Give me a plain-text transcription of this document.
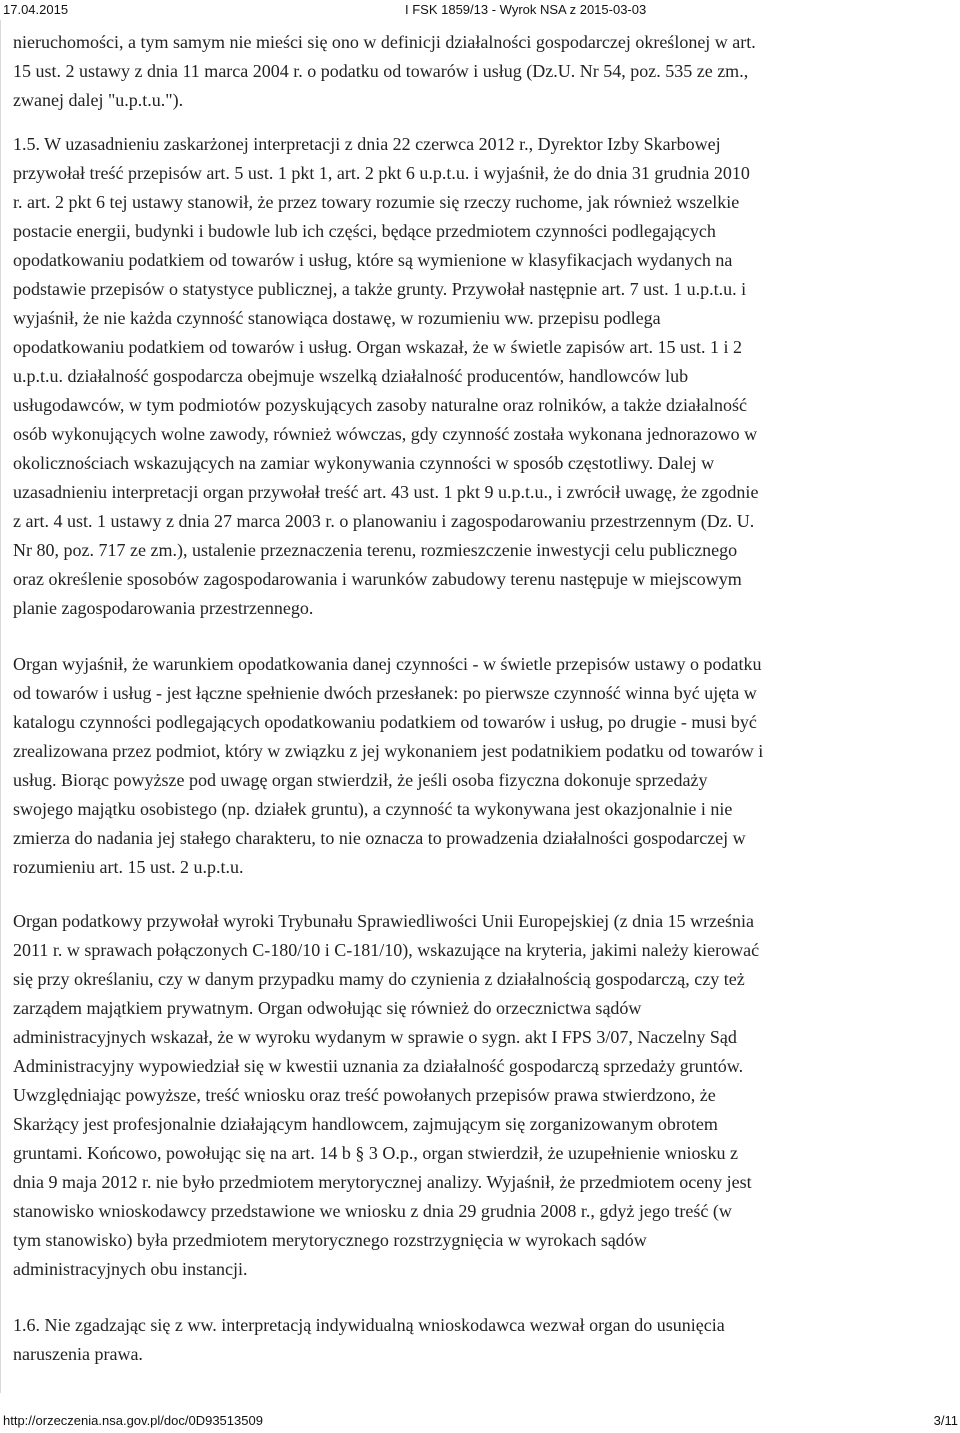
17.04.2015	I FSK 1859/13 - Wyrok NSA z 2015-03-03
nieruchomości, a tym samym nie mieści się ono w definicji działalności gospodarczej określonej w art.
15 ust. 2 ustawy z dnia 11 marca 2004 r. o podatku od towarów i usług (Dz.U. Nr 54, poz. 535 ze zm.,
zwanej dalej "u.p.t.u.").
1.5. W uzasadnieniu zaskarżonej interpretacji z dnia 22 czerwca 2012 r., Dyrektor Izby Skarbowej
przywołał treść przepisów art. 5 ust. 1 pkt 1, art. 2 pkt 6 u.p.t.u. i wyjaśnił, że do dnia 31 grudnia 2010
r. art. 2 pkt 6 tej ustawy stanowił, że przez towary rozumie się rzeczy ruchome, jak również wszelkie
postacie energii, budynki i budowle lub ich części, będące przedmiotem czynności podlegających
opodatkowaniu podatkiem od towarów i usług, które są wymienione w klasyfikacjach wydanych na
podstawie przepisów o statystyce publicznej, a także grunty. Przywołał następnie art. 7 ust. 1 u.p.t.u. i
wyjaśnił, że nie każda czynność stanowiąca dostawę, w rozumieniu ww. przepisu podlega
opodatkowaniu podatkiem od towarów i usług. Organ wskazał, że w świetle zapisów art. 15 ust. 1 i 2
u.p.t.u. działalność gospodarcza obejmuje wszelką działalność producentów, handlowców lub
usługodawców, w tym podmiotów pozyskujących zasoby naturalne oraz rolników, a także działalność
osób wykonujących wolne zawody, również wówczas, gdy czynność została wykonana jednorazowo w
okolicznościach wskazujących na zamiar wykonywania czynności w sposób częstotliwy. Dalej w
uzasadnieniu interpretacji organ przywołał treść art. 43 ust. 1 pkt 9 u.p.t.u., i zwrócił uwagę, że zgodnie
z art. 4 ust. 1 ustawy z dnia 27 marca 2003 r. o planowaniu i zagospodarowaniu przestrzennym (Dz. U.
Nr 80, poz. 717 ze zm.), ustalenie przeznaczenia terenu, rozmieszczenie inwestycji celu publicznego
oraz określenie sposobów zagospodarowania i warunków zabudowy terenu następuje w miejscowym
planie zagospodarowania przestrzennego.
Organ wyjaśnił, że warunkiem opodatkowania danej czynności - w świetle przepisów ustawy o podatku
od towarów i usług - jest łączne spełnienie dwóch przesłanek: po pierwsze czynność winna być ujęta w
katalogu czynności podlegających opodatkowaniu podatkiem od towarów i usług, po drugie - musi być
zrealizowana przez podmiot, który w związku z jej wykonaniem jest podatnikiem podatku od towarów i
usług. Biorąc powyższe pod uwagę organ stwierdził, że jeśli osoba fizyczna dokonuje sprzedaży
swojego majątku osobistego (np. działek gruntu), a czynność ta wykonywana jest okazjonalnie i nie
zmierza do nadania jej stałego charakteru, to nie oznacza to prowadzenia działalności gospodarczej w
rozumieniu art. 15 ust. 2 u.p.t.u.
Organ podatkowy przywołał wyroki Trybunału Sprawiedliwości Unii Europejskiej (z dnia 15 września
2011 r. w sprawach połączonych C-180/10 i C-181/10), wskazujące na kryteria, jakimi należy kierować
się przy określaniu, czy w danym przypadku mamy do czynienia z działalnością gospodarczą, czy też
zarządem majątkiem prywatnym. Organ odwołując się również do orzecznictwa sądów
administracyjnych wskazał, że w wyroku wydanym w sprawie o sygn. akt I FPS 3/07, Naczelny Sąd
Administracyjny wypowiedział się w kwestii uznania za działalność gospodarczą sprzedaży gruntów.
Uwzględniając powyższe, treść wniosku oraz treść powołanych przepisów prawa stwierdzono, że
Skarżący jest profesjonalnie działającym handlowcem, zajmującym się zorganizowanym obrotem
gruntami. Końcowo, powołując się na art. 14 b § 3 O.p., organ stwierdził, że uzupełnienie wniosku z
dnia 9 maja 2012 r. nie było przedmiotem merytorycznej analizy. Wyjaśnił, że przedmiotem oceny jest
stanowisko wnioskodawcy przedstawione we wniosku z dnia 29 grudnia 2008 r., gdyż jego treść (w
tym stanowisko) była przedmiotem merytorycznego rozstrzygnięcia w wyrokach sądów
administracyjnych obu instancji.
1.6. Nie zgadzając się z ww. interpretacją indywidualną wnioskodawca wezwał organ do usunięcia
naruszenia prawa.
http://orzeczenia.nsa.gov.pl/doc/0D93513509	3/11
